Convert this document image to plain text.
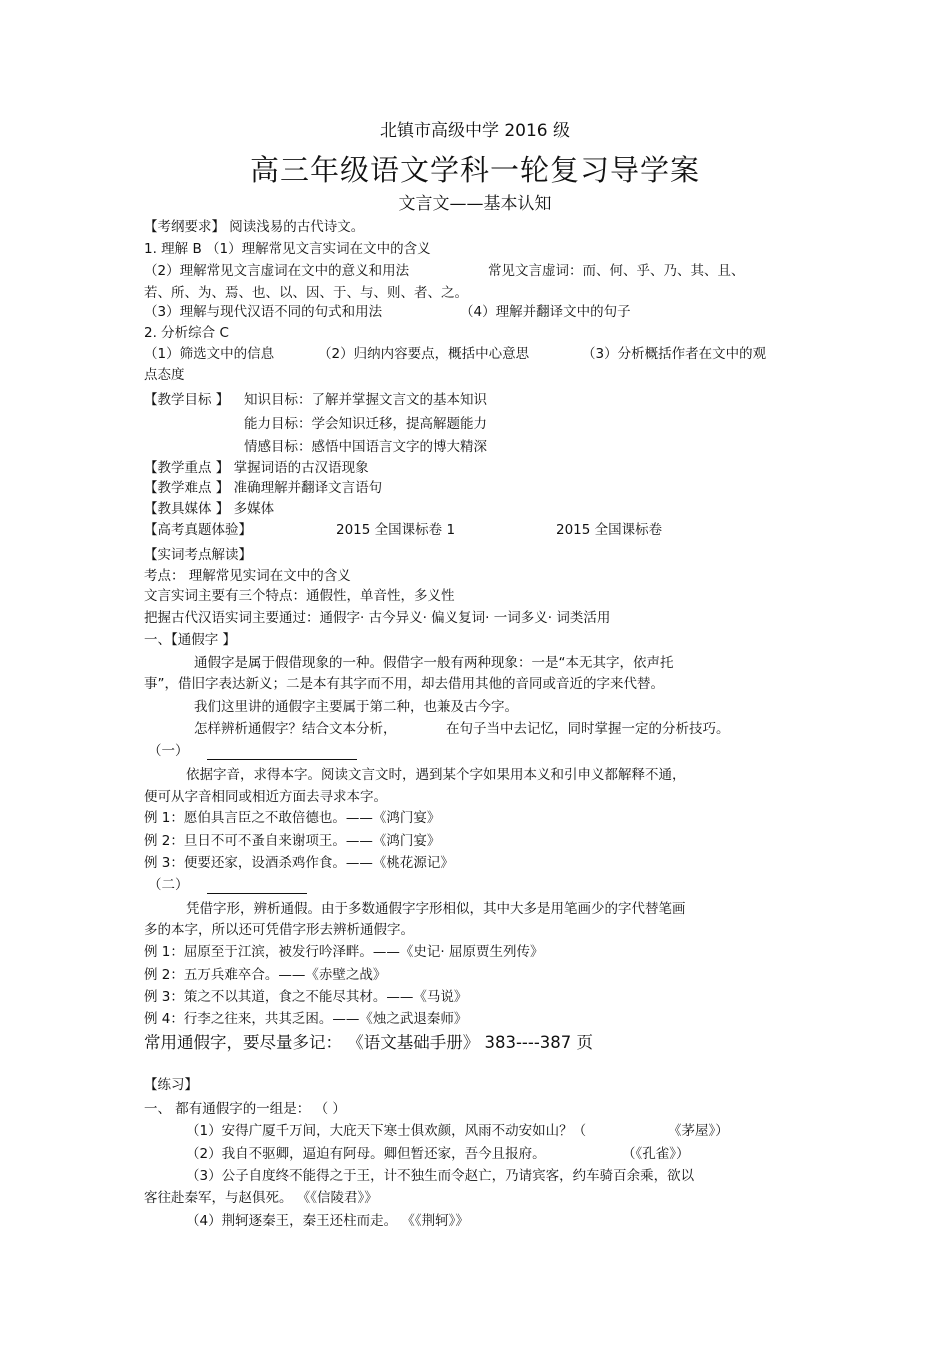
北镇市高级中学 2016 级
高三年级语文学科一轮复习导学案
文言文——基本认知
【考纲要求】 阅读浅易的古代诗文。
1. 理解 B （1）理解常见文言实词在文中的含义
（2）理解常见文言虚词在文中的意义和用法	常见文言虚词：而、何、乎、乃、其、且、
若、所、为、焉、也、以、因、于、与、则、者、之。
（3）理解与现代汉语不同的句式和用法	（4）理解并翻译文中的句子
2. 分析综合 C
（1）筛选文中的信息	（2）归纳内容要点，概括中心意思	（3）分析概括作者在文中的观
点态度
【教学目标 】 知识目标：了解并掌握文言文的基本知识
能力目标：学会知识迁移，提高解题能力
情感目标：感悟中国语言文字的博大精深
【教学重点 】 掌握词语的古汉语现象
【教学难点 】 准确理解并翻译文言语句
【教具媒体 】 多媒体
【高考真题体验】	2015 全国课标卷 1	2015 全国课标卷
【实词考点解读】
考点： 理解常见实词在文中的含义
文言实词主要有三个特点：通假性，单音性，多义性
把握古代汉语实词主要通过：通假字· 古今异义· 偏义复词· 一词多义· 词类活用
一、【通假字 】
通假字是属于假借现象的一种。假借字一般有两种现象：一是“本无其字，依声托
事”，借旧字表达新义；二是本有其字而不用，却去借用其他的音同或音近的字来代替。
我们这里讲的通假字主要属于第二种，也兼及古今字。
怎样辨析通假字？结合文本分析，	在句子当中去记忆，同时掌握一定的分析技巧。
（一）
依据字音，求得本字。阅读文言文时，遇到某个字如果用本义和引申义都解释不通，
便可从字音相同或相近方面去寻求本字。
例 1：愿伯具言臣之不敢倍德也。——《鸿门宴》
例 2：旦日不可不蚤自来谢项王。——《鸿门宴》
例 3：便要还家，设酒杀鸡作食。——《桃花源记》
（二）
凭借字形，辨析通假。由于多数通假字字形相似，其中大多是用笔画少的字代替笔画
多的本字，所以还可凭借字形去辨析通假字。
例 1：屈原至于江滨，被发行吟泽畔。——《史记· 屈原贾生列传》
例 2：五万兵难卒合。——《赤壁之战》
例 3：策之不以其道，食之不能尽其材。——《马说》
例 4：行李之往来，共其乏困。——《烛之武退秦师》
常用通假字，要尽量多记： 《语文基础手册》 383----387 页
【练习】
一、 都有通假字的一组是： （ ）
（1）安得广厦千万间，大庇天下寒士俱欢颜，风雨不动安如山？（	《茅屋》）
（2）我自不驱卿，逼迫有阿母。卿但暂还家，吾今且报府。	（《孔雀》）
（3）公子自度终不能得之于王，计不独生而令赵亡，乃请宾客，约车骑百余乘，欲以
客往赴秦军，与赵俱死。 《《信陵君》》
（4）荆轲逐秦王，秦王还柱而走。 《《荆轲》》
